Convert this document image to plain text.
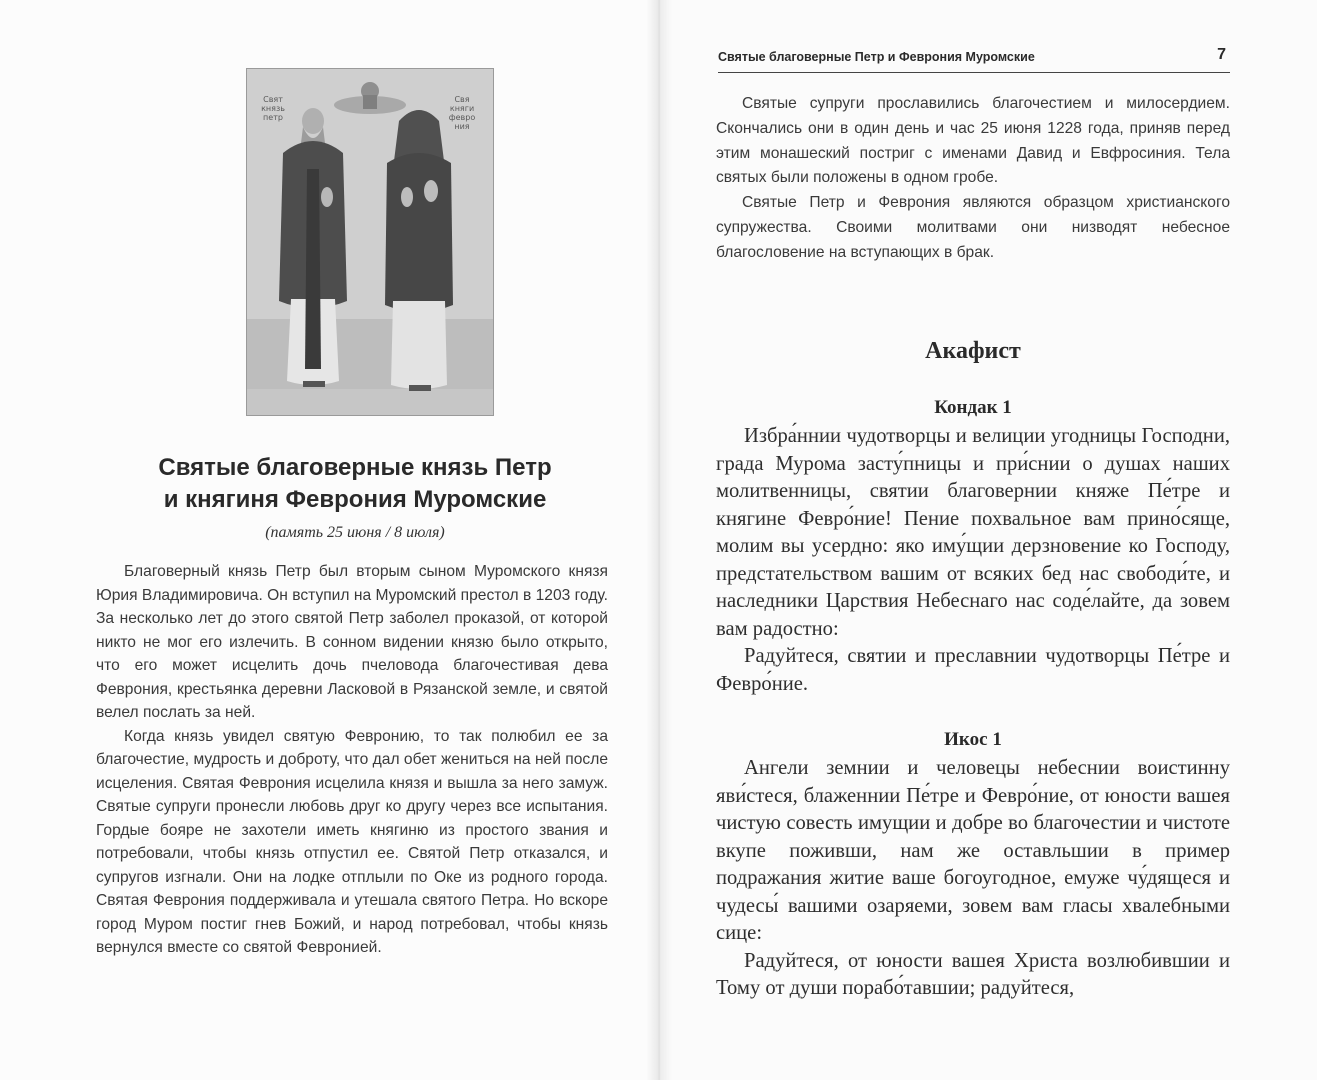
Свят
князь
петр
Свя
княги
февро
ния
Святые благоверные князь Петр
и княгиня Феврония Муромские
(память 25 июня / 8 июля)

Благоверный князь Петр был вторым сыном Муромского князя Юрия Владимировича. Он вступил на Муромский престол в 1203 году. За несколько лет до этого святой Петр заболел проказой, от которой никто не мог его излечить. В сонном видении князю было открыто, что его может исцелить дочь пчеловода благочестивая дева Феврония, крестьянка деревни Ласковой в Рязанской земле, и святой велел послать за ней.

Когда князь увидел святую Февронию, то так полюбил ее за благочестие, мудрость и доброту, что дал обет жениться на ней после исцеления. Святая Феврония исцелила князя и вышла за него замуж. Святые супруги пронесли любовь друг ко другу через все испытания. Гордые бояре не захотели иметь княгиню из простого звания и потребовали, чтобы князь отпустил ее. Святой Петр отказался, и супругов изгнали. Они на лодке отплыли по Оке из родного города. Святая Феврония поддерживала и утешала святого Петра. Но вскоре город Муром постиг гнев Божий, и народ потребовал, чтобы князь вернулся вместе со святой Февронией.

Святые благоверные Петр и Феврония Муромские	7

Святые супруги прославились благочестием и милосердием. Скончались они в один день и час 25 июня 1228 года, приняв перед этим монашеский постриг с именами Давид и Евфросиния. Тела святых были положены в одном гробе.

Святые Петр и Феврония являются образцом христианского супружества. Своими молитвами они низводят небесное благословение на вступающих в брак.

Акафист
Кондак 1

Избра́ннии чудотворцы и велиции угодницы Господни, града Мурома засту́пницы и при́снии о душах наших молитвенницы, святии благовернии княже Пе́тре и княгине Февро́ние! Пение похвальное вам прино́сяще, молим вы усердно: яко иму́щии дерзновение ко Господу, предстательством вашим от всяких бед нас свободи́те, и наследники Царствия Небеснаго нас соде́лайте, да зовем вам радостно:

Радуйтеся, святии и преславнии чудотворцы Пе́тре и Февро́ние.

Икос 1

Ангели земнии и человецы небеснии воистинну яви́стеся, блаженнии Пе́тре и Февро́ние, от юности вашея чистую совесть имущии и добре во благочестии и чистоте вкупе поживши, нам же оставльшии в пример подражания житие ваше богоугодное, емуже чу́дящеся и чудесы́ вашими озаряеми, зовем вам гласы хвалебными сице:

Радуйтеся, от юности вашея Христа возлюбившии и Тому от души порабо́тавшии; радуйтеся,
